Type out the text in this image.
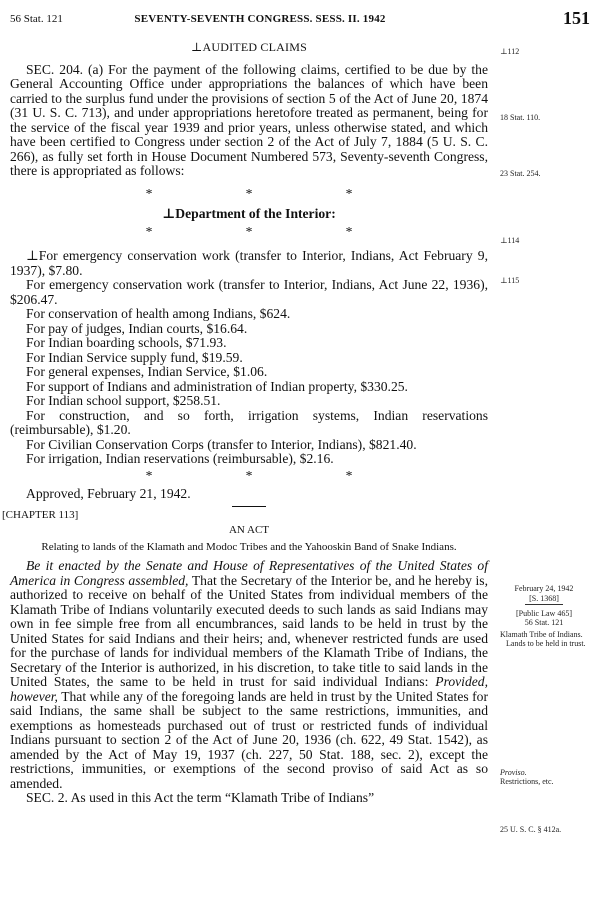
56 Stat. 121	SEVENTY-SEVENTH CONGRESS. SESS. II. 1942	151
⊥AUDITED CLAIMS

SEC. 204. (a) For the payment of the following claims, certified to be due by the General Accounting Office under appropriations the balances of which have been carried to the surplus fund under the provisions of section 5 of the Act of June 20, 1874 (31 U. S. C. 713), and under appropriations heretofore treated as permanent, being for the service of the fiscal year 1939 and prior years, unless otherwise stated, and which have been certified to Congress under section 2 of the Act of July 7, 1884 (5 U. S. C. 266), as fully set forth in House Document Numbered 573, Seventy-seventh Congress, there is appropriated as follows:

*	*	*
⊥Department of the Interior:
*	*	*

⊥For emergency conservation work (transfer to Interior, Indians, Act February 9, 1937), $7.80.

For emergency conservation work (transfer to Interior, Indians, Act June 22, 1936), $206.47.

For conservation of health among Indians, $624.

For pay of judges, Indian courts, $16.64.

For Indian boarding schools, $71.93.

For Indian Service supply fund, $19.59.

For general expenses, Indian Service, $1.06.

For support of Indians and administration of Indian property, $330.25.

For Indian school support, $258.51.

For construction, and so forth, irrigation systems, Indian reservations (reimbursable), $1.20.

For Civilian Conservation Corps (transfer to Interior, Indians), $821.40.

For irrigation, Indian reservations (reimbursable), $2.16.

*	*	*

Approved, February 21, 1942.

[CHAPTER 113]
AN ACT
Relating to lands of the Klamath and Modoc Tribes and the Yahooskin Band of Snake Indians.

Be it enacted by the Senate and House of Representatives of the United States of America in Congress assembled, That the Secretary of the Interior be, and he hereby is, authorized to receive on behalf of the United States from individual members of the Klamath Tribe of Indians voluntarily executed deeds to such lands as said Indians may own in fee simple free from all encumbrances, said lands to be held in trust by the United States for said Indians and their heirs; and, whenever restricted funds are used for the purchase of lands for individual members of the Klamath Tribe of Indians, the Secretary of the Interior is authorized, in his discretion, to take title to said lands in the United States, the same to be held in trust for said individual Indians: Provided, however, That while any of the foregoing lands are held in trust by the United States for said Indians, the same shall be subject to the same restrictions, immunities, and exemptions as homesteads purchased out of trust or restricted funds of individual Indians pursuant to section 2 of the Act of June 20, 1936 (ch. 622, 49 Stat. 1542), as amended by the Act of May 19, 1937 (ch. 227, 50 Stat. 188, sec. 2), except the restrictions, immunities, or exemptions of the second proviso of said Act as so amended.

SEC. 2. As used in this Act the term “Klamath Tribe of Indians”

⊥112
18 Stat. 110.
23 Stat. 254.
⊥114
⊥115
February 24, 1942
[S. 1368]
[Public Law 465]
56 Stat. 121
Klamath Tribe of Indians.
Lands to be held in trust.
Proviso.
Restrictions, etc.
25 U. S. C. § 412a.
